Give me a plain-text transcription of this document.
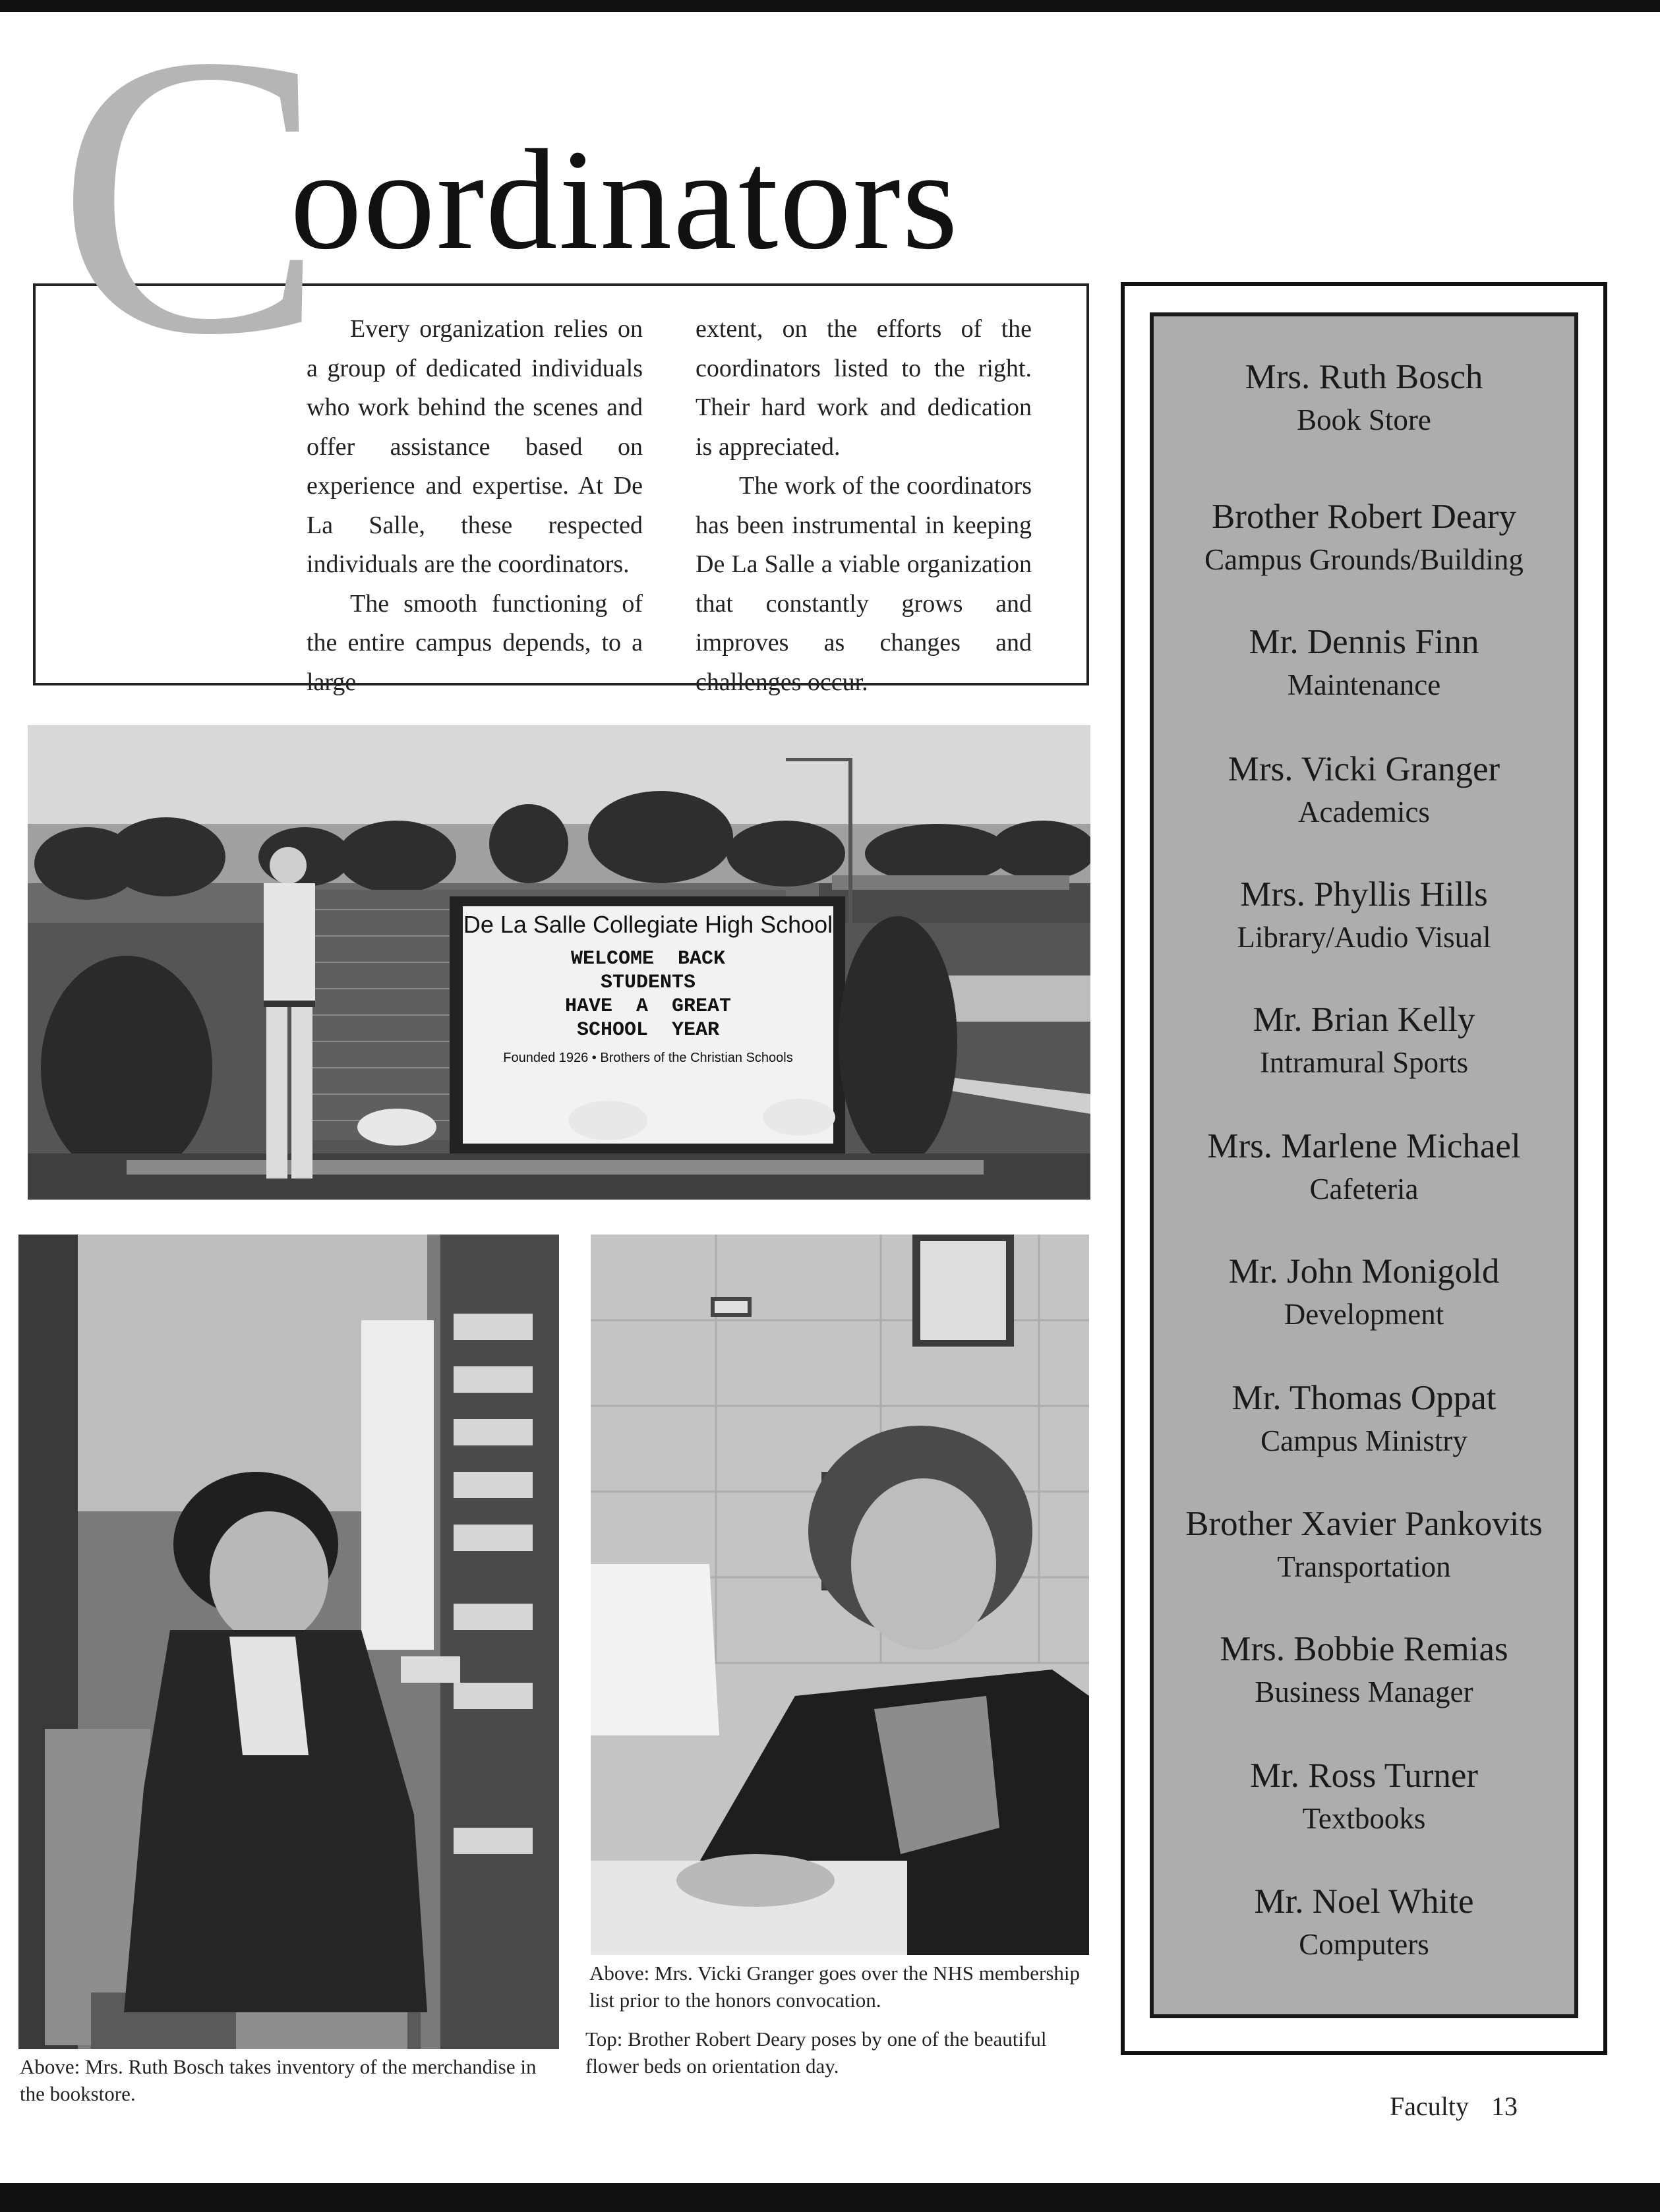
C
oordinators

Every organization relies on a group of dedicated individuals who work behind the scenes and offer assistance based on experience and expertise. At De La Salle, these respected individuals are the coordinators.

The smooth functioning of the entire campus depends, to a large

extent, on the efforts of the coordinators listed to the right. Their hard work and dedication is appreciated.

The work of the coordinators has been instrumental in keeping De La Salle a viable organization that constantly grows and improves as changes and challenges occur.

De La Salle Collegiate High School
WELCOME  BACK
STUDENTS
HAVE  A  GREAT
SCHOOL  YEAR
Founded 1926 • Brothers of the Christian Schools
Above: Mrs. Ruth Bosch takes inventory of the merchandise in the bookstore.
Above: Mrs. Vicki Granger goes over the NHS membership list prior to the honors convocation.
Top: Brother Robert Deary poses by one of the beautiful flower beds on orientation day.
Mrs. Ruth Bosch
Book Store
Brother Robert Deary
Campus Grounds/Building
Mr. Dennis Finn
Maintenance
Mrs. Vicki Granger
Academics
Mrs. Phyllis Hills
Library/Audio Visual
Mr. Brian Kelly
Intramural Sports
Mrs. Marlene Michael
Cafeteria
Mr. John Monigold
Development
Mr. Thomas Oppat
Campus Ministry
Brother Xavier Pankovits
Transportation
Mrs. Bobbie Remias
Business Manager
Mr. Ross Turner
Textbooks
Mr. Noel White
Computers
Faculty 13
